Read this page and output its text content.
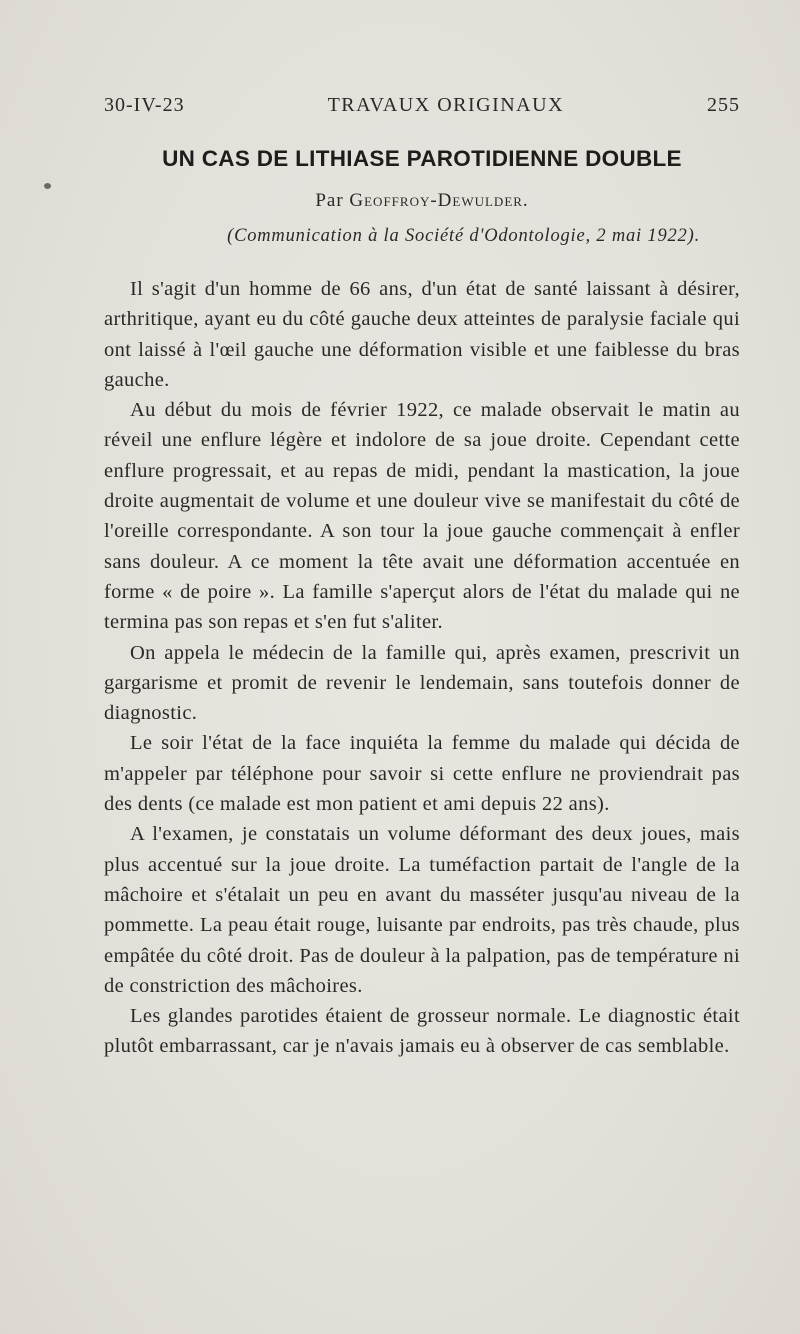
30-IV-23	TRAVAUX ORIGINAUX	255
UN CAS DE LITHIASE PAROTIDIENNE DOUBLE
Par Geoffroy-Dewulder.
(Communication à la Société d'Odontologie, 2 mai 1922).

Il s'agit d'un homme de 66 ans, d'un état de santé laissant à désirer, arthritique, ayant eu du côté gauche deux atteintes de paralysie faciale qui ont laissé à l'œil gauche une déformation visible et une faiblesse du bras gauche.

Au début du mois de février 1922, ce malade observait le matin au réveil une enflure légère et indolore de sa joue droite. Cependant cette enflure progressait, et au repas de midi, pendant la mastication, la joue droite augmentait de volume et une douleur vive se manifestait du côté de l'oreille correspondante. A son tour la joue gauche commençait à enfler sans douleur. A ce moment la tête avait une déformation accentuée en forme « de poire ». La famille s'aperçut alors de l'état du malade qui ne termina pas son repas et s'en fut s'aliter.

On appela le médecin de la famille qui, après examen, prescrivit un gargarisme et promit de revenir le lendemain, sans toutefois donner de diagnostic.

Le soir l'état de la face inquiéta la femme du malade qui décida de m'appeler par téléphone pour savoir si cette enflure ne proviendrait pas des dents (ce malade est mon patient et ami depuis 22 ans).

A l'examen, je constatais un volume déformant des deux joues, mais plus accentué sur la joue droite. La tuméfaction partait de l'angle de la mâchoire et s'étalait un peu en avant du masséter jusqu'au niveau de la pommette. La peau était rouge, luisante par endroits, pas très chaude, plus empâtée du côté droit. Pas de douleur à la palpation, pas de température ni de constriction des mâchoires.

Les glandes parotides étaient de grosseur normale. Le diagnostic était plutôt embarrassant, car je n'avais jamais eu à observer de cas semblable.
